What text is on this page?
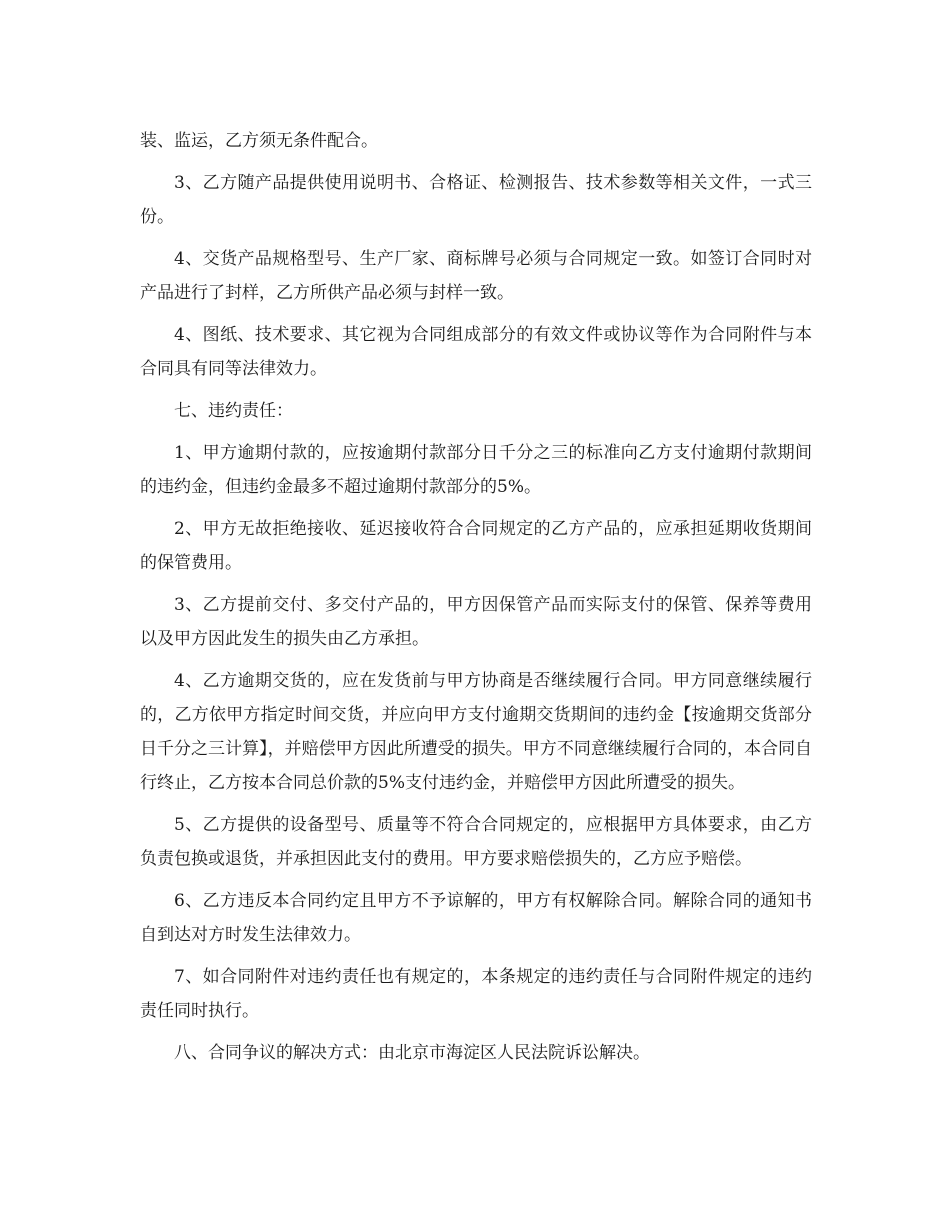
装、监运，乙方须无条件配合。

3、乙方随产品提供使用说明书、合格证、检测报告、技术参数等相关文件，一式三份。

4、交货产品规格型号、生产厂家、商标牌号必须与合同规定一致。如签订合同时对产品进行了封样，乙方所供产品必须与封样一致。

4、图纸、技术要求、其它视为合同组成部分的有效文件或协议等作为合同附件与本合同具有同等法律效力。

七、违约责任：

1、甲方逾期付款的，应按逾期付款部分日千分之三的标准向乙方支付逾期付款期间的违约金，但违约金最多不超过逾期付款部分的5%。

2、甲方无故拒绝接收、延迟接收符合合同规定的乙方产品的，应承担延期收货期间的保管费用。

3、乙方提前交付、多交付产品的，甲方因保管产品而实际支付的保管、保养等费用以及甲方因此发生的损失由乙方承担。

4、乙方逾期交货的，应在发货前与甲方协商是否继续履行合同。甲方同意继续履行的，乙方依甲方指定时间交货，并应向甲方支付逾期交货期间的违约金【按逾期交货部分日千分之三计算】，并赔偿甲方因此所遭受的损失。甲方不同意继续履行合同的，本合同自行终止，乙方按本合同总价款的5%支付违约金，并赔偿甲方因此所遭受的损失。

5、乙方提供的设备型号、质量等不符合合同规定的，应根据甲方具体要求，由乙方负责包换或退货，并承担因此支付的费用。甲方要求赔偿损失的，乙方应予赔偿。

6、乙方违反本合同约定且甲方不予谅解的，甲方有权解除合同。解除合同的通知书自到达对方时发生法律效力。

7、如合同附件对违约责任也有规定的，本条规定的违约责任与合同附件规定的违约责任同时执行。

八、合同争议的解决方式：由北京市海淀区人民法院诉讼解决。
